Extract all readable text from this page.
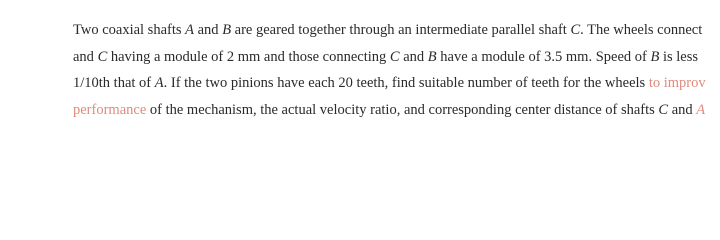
Two coaxial shafts A and B are geared together through an intermediate parallel shaft C. The wheels connect
and C having a module of 2 mm and those connecting C and B have a module of 3.5 mm. Speed of B is less
1/10th that of A. If the two pinions have each 20 teeth, find suitable number of teeth for the wheels to improv
performance of the mechanism, the actual velocity ratio, and corresponding center distance of shafts C and A
